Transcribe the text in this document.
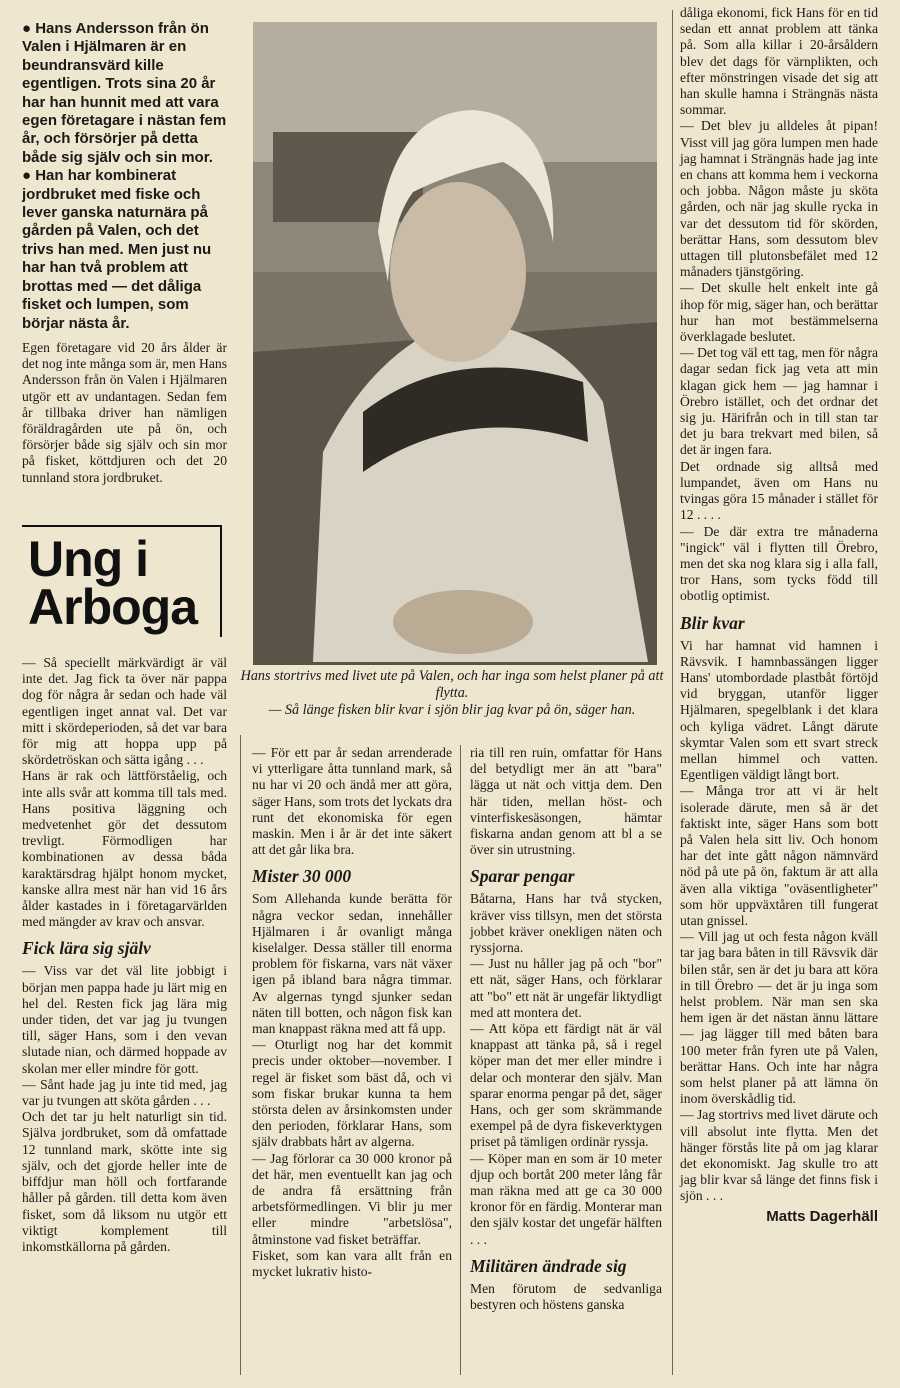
● Hans Andersson från ön Valen i Hjälmaren är en beundransvärd kille egentligen. Trots sina 20 år har han hunnit med att vara egen företagare i nästan fem år, och försörjer på detta både sig själv och sin mor.

● Han har kombinerat jordbruket med fiske och lever ganska naturnära på gården på Valen, och det trivs han med. Men just nu har han två problem att brottas med — det dåliga fisket och lumpen, som börjar nästa år.

Egen företagare vid 20 års ålder är det nog inte många som är, men Hans Andersson från ön Valen i Hjälmaren utgör ett av undantagen. Sedan fem år tillbaka driver han nämligen föräldragården ute på ön, och försörjer både sig själv och sin mor på fisket, köttdjuren och det 20 tunnland stora jordbruket.

Ung i
Arboga
Hans stortrivs med livet ute på Valen, och har inga som helst planer på att flytta.
— Så länge fisken blir kvar i sjön blir jag kvar på ön, säger han.

— Så speciellt märkvärdigt är väl inte det. Jag fick ta över när pappa dog för några år sedan och hade väl egentligen inget annat val. Det var mitt i skördeperioden, så det var bara för mig att hoppa upp på skördetröskan och sätta igång . . .

Hans är rak och lättförståelig, och inte alls svår att komma till tals med. Hans positiva läggning och medvetenhet gör det dessutom trevligt. Förmodligen har kombinationen av dessa båda karaktärsdrag hjälpt honom mycket, kanske allra mest när han vid 16 års ålder kastades in i företagarvärlden med mängder av krav och ansvar.

Fick lära sig själv

— Viss var det väl lite jobbigt i början men pappa hade ju lärt mig en hel del. Resten fick jag lära mig under tiden, det var jag ju tvungen till, säger Hans, som i den vevan slutade nian, och därmed hoppade av skolan mer eller mindre för gott.

— Sånt hade jag ju inte tid med, jag var ju tvungen att sköta gården . . .

Och det tar ju helt naturligt sin tid. Själva jordbruket, som då omfattade 12 tunnland mark, skötte inte sig själv, och det gjorde heller inte de biffdjur man höll och fortfarande håller på gården. till detta kom även fisket, som då liksom nu utgör ett viktigt komplement till inkomstkällorna på gården.

— För ett par år sedan arrenderade vi ytterligare åtta tunnland mark, så nu har vi 20 och ändå mer att göra, säger Hans, som trots det lyckats dra runt det ekonomiska för egen maskin. Men i år är det inte säkert att det går lika bra.

Mister 30 000

Som Allehanda kunde berätta för några veckor sedan, innehåller Hjälmaren i år ovanligt många kiselalger. Dessa ställer till enorma problem för fiskarna, vars nät växer igen på ibland bara några timmar. Av algernas tyngd sjunker sedan näten till botten, och någon fisk kan man knappast räkna med att få upp.

— Oturligt nog har det kommit precis under oktober—november. I regel är fisket som bäst då, och vi som fiskar brukar kunna ta hem största delen av årsinkomsten under den perioden, förklarar Hans, som själv drabbats hårt av algerna.

— Jag förlorar ca 30 000 kronor på det här, men eventuellt kan jag och de andra få ersättning från arbetsförmedlingen. Vi blir ju mer eller mindre "arbetslösa", åtminstone vad fisket beträffar.

Fisket, som kan vara allt från en mycket lukrativ histo-

ria till ren ruin, omfattar för Hans del betydligt mer än att "bara" lägga ut nät och vittja dem. Den här tiden, mellan höst- och vinterfiskesäsongen, hämtar fiskarna andan genom att bl a se över sin utrustning.

Sparar pengar

Båtarna, Hans har två stycken, kräver viss tillsyn, men det största jobbet kräver onekligen näten och ryssjorna.

— Just nu håller jag på och "bor" ett nät, säger Hans, och förklarar att "bo" ett nät är ungefär liktydligt med att montera det.

— Att köpa ett färdigt nät är väl knappast att tänka på, så i regel köper man det mer eller mindre i delar och monterar den själv. Man sparar enorma pengar på det, säger Hans, och ger som skrämmande exempel på de dyra fiskeverktygen priset på tämligen ordinär ryssja.

— Köper man en som är 10 meter djup och bortåt 200 meter lång får man räkna med att ge ca 30 000 kronor för en färdig. Monterar man den själv kostar det ungefär hälften . . .

Militären ändrade sig

Men förutom de sedvanliga bestyren och höstens ganska

dåliga ekonomi, fick Hans för en tid sedan ett annat problem att tänka på. Som alla killar i 20-årsåldern blev det dags för värnplikten, och efter mönstringen visade det sig att han skulle hamna i Strängnäs nästa sommar.

— Det blev ju alldeles åt pipan! Visst vill jag göra lumpen men hade jag hamnat i Strängnäs hade jag inte en chans att komma hem i veckorna och jobba. Någon måste ju sköta gården, och när jag skulle rycka in var det dessutom tid för skörden, berättar Hans, som dessutom blev uttagen till plutonsbefälet med 12 månaders tjänstgöring.

— Det skulle helt enkelt inte gå ihop för mig, säger han, och berättar hur han mot bestämmelserna överklagade beslutet.

— Det tog väl ett tag, men för några dagar sedan fick jag veta att min klagan gick hem — jag hamnar i Örebro istället, och det ordnar det sig ju. Härifrån och in till stan tar det ju bara trekvart med bilen, så det är ingen fara.

Det ordnade sig alltså med lumpandet, även om Hans nu tvingas göra 15 månader i stället för 12 . . . .

— De där extra tre månaderna "ingick" väl i flytten till Örebro, men det ska nog klara sig i alla fall, tror Hans, som tycks född till obotlig optimist.

Blir kvar

Vi har hamnat vid hamnen i Rävsvik. I hamnbassängen ligger Hans' utombordade plastbåt förtöjd vid bryggan, utanför ligger Hjälmaren, spegelblank i det klara och kyliga vädret. Långt därute skymtar Valen som ett svart streck mellan himmel och vatten. Egentligen väldigt långt bort.

— Många tror att vi är helt isolerade därute, men så är det faktiskt inte, säger Hans som bott på Valen hela sitt liv. Och honom har det inte gått någon nämnvärd nöd på ute på ön, faktum är att alla även alla viktiga "oväsentligheter" som hör uppväxtåren till fungerat utan gnissel.

— Vill jag ut och festa någon kväll tar jag bara båten in till Rävsvik där bilen står, sen är det ju bara att köra in till Örebro — det är ju inga som helst problem. När man sen ska hem igen är det nästan ännu lättare — jag lägger till med båten bara 100 meter från fyren ute på Valen, berättar Hans. Och inte har några som helst planer på att lämna ön inom överskådlig tid.

— Jag stortrivs med livet därute och vill absolut inte flytta. Men det hänger förstås lite på om jag klarar det ekonomiskt. Jag skulle tro att jag blir kvar så länge det finns fisk i sjön . . .

Matts Dagerhäll
